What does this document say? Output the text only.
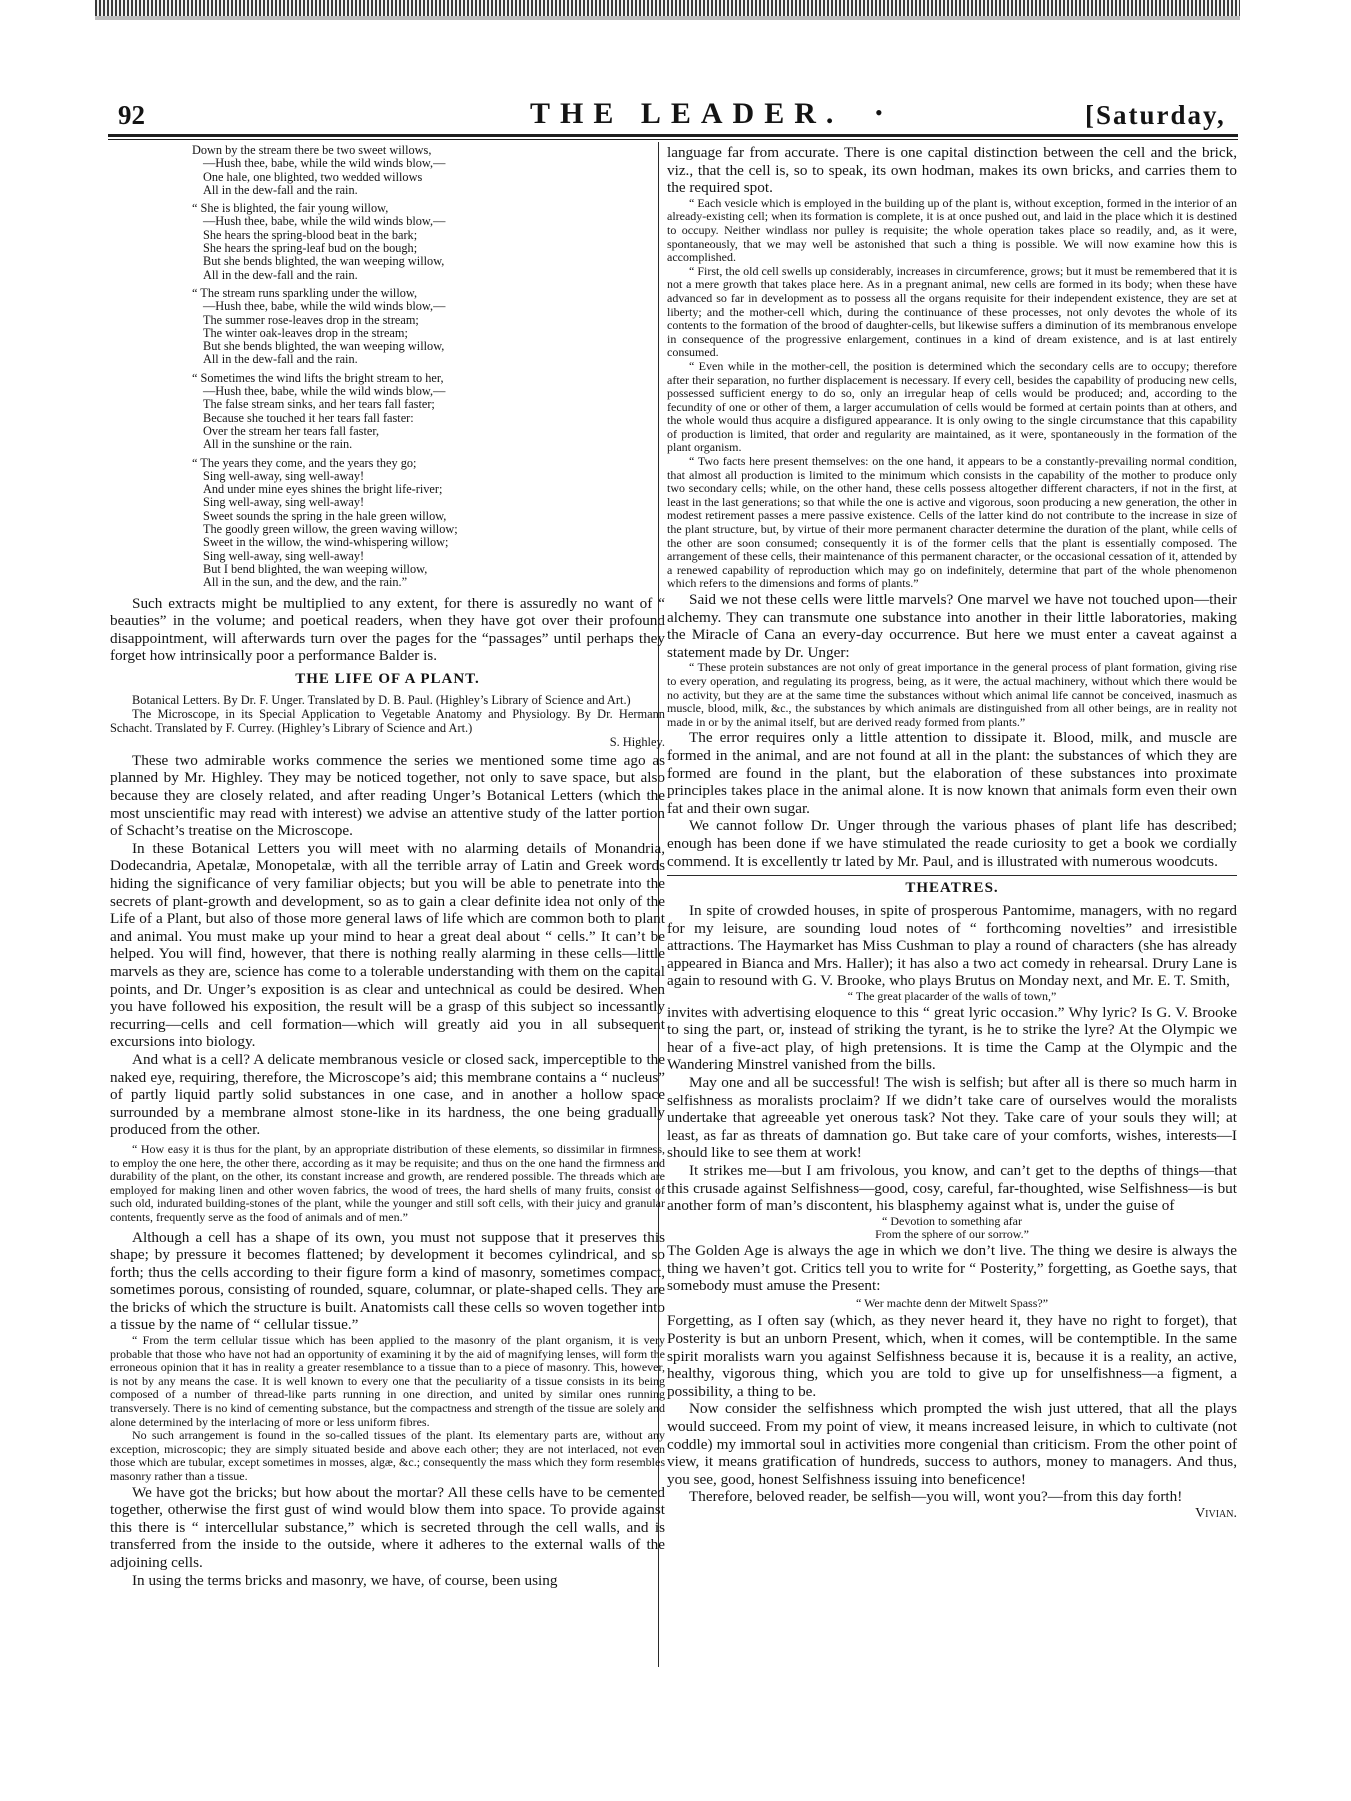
92	THE LEADER. •	[Saturday,
Down by the stream there be two sweet willows,
—Hush thee, babe, while the wild winds blow,—
One hale, one blighted, two wedded willows
All in the dew-fall and the rain.
“ She is blighted, the fair young willow,
—Hush thee, babe, while the wild winds blow,—
She hears the spring-blood beat in the bark;
She hears the spring-leaf bud on the bough;
But she bends blighted, the wan weeping willow,
All in the dew-fall and the rain.
“ The stream runs sparkling under the willow,
—Hush thee, babe, while the wild winds blow,—
The summer rose-leaves drop in the stream;
The winter oak-leaves drop in the stream;
But she bends blighted, the wan weeping willow,
All in the dew-fall and the rain.
“ Sometimes the wind lifts the bright stream to her,
—Hush thee, babe, while the wild winds blow,—
The false stream sinks, and her tears fall faster;
Because she touched it her tears fall faster:
Over the stream her tears fall faster,
All in the sunshine or the rain.
“ The years they come, and the years they go;
Sing well-away, sing well-away!
And under mine eyes shines the bright life-river;
Sing well-away, sing well-away!
Sweet sounds the spring in the hale green willow,
The goodly green willow, the green waving willow;
Sweet in the willow, the wind-whispering willow;
Sing well-away, sing well-away!
But I bend blighted, the wan weeping willow,
All in the sun, and the dew, and the rain.”

Such extracts might be multiplied to any extent, for there is assuredly no want of “ beauties” in the volume; and poetical readers, when they have got over their profound disappointment, will afterwards turn over the pages for the “passages” until perhaps they forget how intrinsically poor a performance Balder is.

THE LIFE OF A PLANT.

Botanical Letters. By Dr. F. Unger. Translated by D. B. Paul. (Highley’s Library of Science and Art.)

The Microscope, in its Special Application to Vegetable Anatomy and Physiology. By Dr. Hermann Schacht. Translated by F. Currey. (Highley’s Library of Science and Art.)

S. Highley.

These two admirable works commence the series we mentioned some time ago as planned by Mr. Highley. They may be noticed together, not only to save space, but also because they are closely related, and after reading Unger’s Botanical Letters (which the most unscientific may read with interest) we advise an attentive study of the latter portion of Schacht’s treatise on the Microscope.

In these Botanical Letters you will meet with no alarming details of Monandria, Dodecandria, Apetalæ, Monopetalæ, with all the terrible array of Latin and Greek words hiding the significance of very familiar objects; but you will be able to penetrate into the secrets of plant-growth and development, so as to gain a clear definite idea not only of the Life of a Plant, but also of those more general laws of life which are common both to plant and animal. You must make up your mind to hear a great deal about “ cells.” It can’t be helped. You will find, however, that there is nothing really alarming in these cells—little marvels as they are, science has come to a tolerable understanding with them on the capital points, and Dr. Unger’s exposition is as clear and untechnical as could be desired. When you have followed his exposition, the result will be a grasp of this subject so incessantly recurring—cells and cell formation—which will greatly aid you in all subsequent excursions into biology.

And what is a cell? A delicate membranous vesicle or closed sack, imperceptible to the naked eye, requiring, therefore, the Microscope’s aid; this membrane contains a “ nucleus” of partly liquid partly solid substances in one case, and in another a hollow space surrounded by a membrane almost stone-like in its hardness, the one being gradually produced from the other.

“ How easy it is thus for the plant, by an appropriate distribution of these elements, so dissimilar in firmness, to employ the one here, the other there, according as it may be requisite; and thus on the one hand the firmness and durability of the plant, on the other, its constant increase and growth, are rendered possible. The threads which are employed for making linen and other woven fabrics, the wood of trees, the hard shells of many fruits, consist of such old, indurated building-stones of the plant, while the younger and still soft cells, with their juicy and granular contents, frequently serve as the food of animals and of men.”

Although a cell has a shape of its own, you must not suppose that it preserves this shape; by pressure it becomes flattened; by development it becomes cylindrical, and so forth; thus the cells according to their figure form a kind of masonry, sometimes compact, sometimes porous, consisting of rounded, square, columnar, or plate-shaped cells. They are the bricks of which the structure is built. Anatomists call these cells so woven together into a tissue by the name of “ cellular tissue.”

“ From the term cellular tissue which has been applied to the masonry of the plant organism, it is very probable that those who have not had an opportunity of examining it by the aid of magnifying lenses, will form the erroneous opinion that it has in reality a greater resemblance to a tissue than to a piece of masonry. This, however, is not by any means the case. It is well known to every one that the peculiarity of a tissue consists in its being composed of a number of thread-like parts running in one direction, and united by similar ones running transversely. There is no kind of cementing substance, but the compactness and strength of the tissue are solely and alone determined by the interlacing of more or less uniform fibres.

No such arrangement is found in the so-called tissues of the plant. Its elementary parts are, without any exception, microscopic; they are simply situated beside and above each other; they are not interlaced, not even those which are tubular, except sometimes in mosses, algæ, &c.; consequently the mass which they form resembles masonry rather than a tissue.

We have got the bricks; but how about the mortar? All these cells have to be cemented together, otherwise the first gust of wind would blow them into space. To provide against this there is “ intercellular substance,” which is secreted through the cell walls, and is transferred from the inside to the outside, where it adheres to the external walls of the adjoining cells.

In using the terms bricks and masonry, we have, of course, been using

language far from accurate. There is one capital distinction between the cell and the brick, viz., that the cell is, so to speak, its own hodman, makes its own bricks, and carries them to the required spot.

“ Each vesicle which is employed in the building up of the plant is, without exception, formed in the interior of an already-existing cell; when its formation is complete, it is at once pushed out, and laid in the place which it is destined to occupy. Neither windlass nor pulley is requisite; the whole operation takes place so readily, and, as it were, spontaneously, that we may well be astonished that such a thing is possible. We will now examine how this is accomplished.

“ First, the old cell swells up considerably, increases in circumference, grows; but it must be remembered that it is not a mere growth that takes place here. As in a pregnant animal, new cells are formed in its body; when these have advanced so far in development as to possess all the organs requisite for their independent existence, they are set at liberty; and the mother-cell which, during the continuance of these processes, not only devotes the whole of its contents to the formation of the brood of daughter-cells, but likewise suffers a diminution of its membranous envelope in consequence of the progressive enlargement, continues in a kind of dream existence, and is at last entirely consumed.

“ Even while in the mother-cell, the position is determined which the secondary cells are to occupy; therefore after their separation, no further displacement is necessary. If every cell, besides the capability of producing new cells, possessed sufficient energy to do so, only an irregular heap of cells would be produced; and, according to the fecundity of one or other of them, a larger accumulation of cells would be formed at certain points than at others, and the whole would thus acquire a disfigured appearance. It is only owing to the single circumstance that this capability of production is limited, that order and regularity are maintained, as it were, spontaneously in the formation of the plant organism.

“ Two facts here present themselves: on the one hand, it appears to be a constantly-prevailing normal condition, that almost all production is limited to the minimum which consists in the capability of the mother to produce only two secondary cells; while, on the other hand, these cells possess altogether different characters, if not in the first, at least in the last generations; so that while the one is active and vigorous, soon producing a new generation, the other in modest retirement passes a mere passive existence. Cells of the latter kind do not contribute to the increase in size of the plant structure, but, by virtue of their more permanent character determine the duration of the plant, while cells of the other are soon consumed; consequently it is of the former cells that the plant is essentially composed. The arrangement of these cells, their maintenance of this permanent character, or the occasional cessation of it, attended by a renewed capability of reproduction which may go on indefinitely, determine that part of the whole phenomenon which refers to the dimensions and forms of plants.”

Said we not these cells were little marvels? One marvel we have not touched upon—their alchemy. They can transmute one substance into another in their little laboratories, making the Miracle of Cana an every-day occurrence. But here we must enter a caveat against a statement made by Dr. Unger:

“ These protein substances are not only of great importance in the general process of plant formation, giving rise to every operation, and regulating its progress, being, as it were, the actual machinery, without which there would be no activity, but they are at the same time the substances without which animal life cannot be conceived, inasmuch as muscle, blood, milk, &c., the substances by which animals are distinguished from all other beings, are in reality not made in or by the animal itself, but are derived ready formed from plants.”

The error requires only a little attention to dissipate it. Blood, milk, and muscle are formed in the animal, and are not found at all in the plant: the substances of which they are formed are found in the plant, but the elaboration of these substances into proximate principles takes place in the animal alone. It is now known that animals form even their own fat and their own sugar.

We cannot follow Dr. Unger through the various phases of plant life has described; enough has been done if we have stimulated the reade curiosity to get a book we cordially commend. It is excellently tr lated by Mr. Paul, and is illustrated with numerous woodcuts.

THEATRES.

In spite of crowded houses, in spite of prosperous Pantomime, managers, with no regard for my leisure, are sounding loud notes of “ forthcoming novelties” and irresistible attractions. The Haymarket has Miss Cushman to play a round of characters (she has already appeared in Bianca and Mrs. Haller); it has also a two act comedy in rehearsal. Drury Lane is again to resound with G. V. Brooke, who plays Brutus on Monday next, and Mr. E. T. Smith,

“ The great placarder of the walls of town,”

invites with advertising eloquence to this “ great lyric occasion.” Why lyric? Is G. V. Brooke to sing the part, or, instead of striking the tyrant, is he to strike the lyre? At the Olympic we hear of a five-act play, of high pretensions. It is time the Camp at the Olympic and the Wandering Minstrel vanished from the bills.

May one and all be successful! The wish is selfish; but after all is there so much harm in selfishness as moralists proclaim? If we didn’t take care of ourselves would the moralists undertake that agreeable yet onerous task? Not they. Take care of your souls they will; at least, as far as threats of damnation go. But take care of your comforts, wishes, interests—I should like to see them at work!

It strikes me—but I am frivolous, you know, and can’t get to the depths of things—that this crusade against Selfishness—good, cosy, careful, far-thoughted, wise Selfishness—is but another form of man’s discontent, his blasphemy against what is, under the guise of

“ Devotion to something afar

From the sphere of our sorrow.”

The Golden Age is always the age in which we don’t live. The thing we desire is always the thing we haven’t got. Critics tell you to write for “ Posterity,” forgetting, as Goethe says, that somebody must amuse the Present:

“ Wer machte denn der Mitwelt Spass?”

Forgetting, as I often say (which, as they never heard it, they have no right to forget), that Posterity is but an unborn Present, which, when it comes, will be contemptible. In the same spirit moralists warn you against Selfishness because it is, because it is a reality, an active, healthy, vigorous thing, which you are told to give up for unselfishness—a figment, a possibility, a thing to be.

Now consider the selfishness which prompted the wish just uttered, that all the plays would succeed. From my point of view, it means increased leisure, in which to cultivate (not coddle) my immortal soul in activities more congenial than criticism. From the other point of view, it means gratification of hundreds, success to authors, money to managers. And thus, you see, good, honest Selfishness issuing into beneficence!

Therefore, beloved reader, be selfish—you will, wont you?—from this day forth!

Vivian.
